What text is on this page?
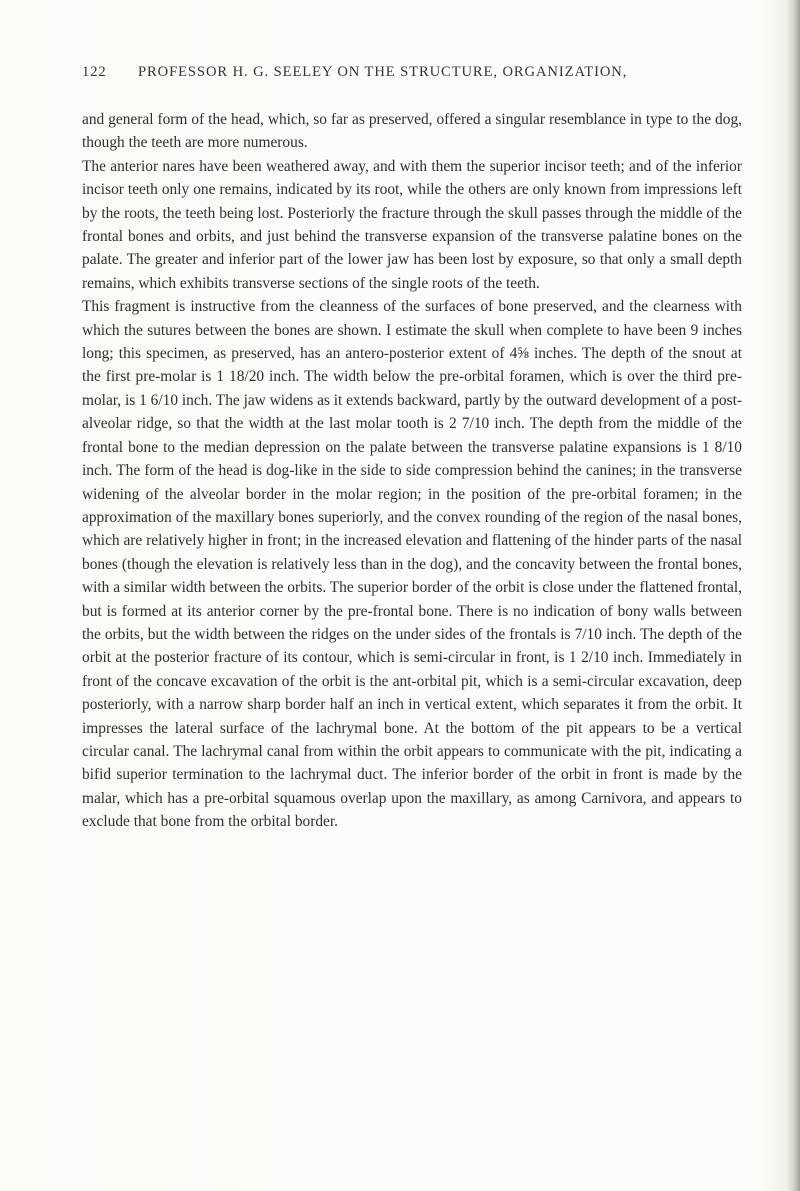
122 PROFESSOR H. G. SEELEY ON THE STRUCTURE, ORGANIZATION,

and general form of the head, which, so far as preserved, offered a singular resemblance in type to the dog, though the teeth are more numerous.

The anterior nares have been weathered away, and with them the superior incisor teeth; and of the inferior incisor teeth only one remains, indicated by its root, while the others are only known from impressions left by the roots, the teeth being lost. Posteriorly the fracture through the skull passes through the middle of the frontal bones and orbits, and just behind the transverse expansion of the transverse palatine bones on the palate. The greater and inferior part of the lower jaw has been lost by exposure, so that only a small depth remains, which exhibits transverse sections of the single roots of the teeth.

This fragment is instructive from the cleanness of the surfaces of bone preserved, and the clearness with which the sutures between the bones are shown. I estimate the skull when complete to have been 9 inches long; this specimen, as preserved, has an antero-posterior extent of 4⅝ inches. The depth of the snout at the first pre-molar is 1 18/20 inch. The width below the pre-orbital foramen, which is over the third pre-molar, is 1 6/10 inch. The jaw widens as it extends backward, partly by the outward development of a post-alveolar ridge, so that the width at the last molar tooth is 2 7/10 inch. The depth from the middle of the frontal bone to the median depression on the palate between the transverse palatine expansions is 1 8/10 inch. The form of the head is dog-like in the side to side compression behind the canines; in the transverse widening of the alveolar border in the molar region; in the position of the pre-orbital foramen; in the approximation of the maxillary bones superiorly, and the convex rounding of the region of the nasal bones, which are relatively higher in front; in the increased elevation and flattening of the hinder parts of the nasal bones (though the elevation is relatively less than in the dog), and the concavity between the frontal bones, with a similar width between the orbits. The superior border of the orbit is close under the flattened frontal, but is formed at its anterior corner by the pre-frontal bone. There is no indication of bony walls between the orbits, but the width between the ridges on the under sides of the frontals is 7/10 inch. The depth of the orbit at the posterior fracture of its contour, which is semi-circular in front, is 1 2/10 inch. Immediately in front of the concave excavation of the orbit is the ant-orbital pit, which is a semi-circular excavation, deep posteriorly, with a narrow sharp border half an inch in vertical extent, which separates it from the orbit. It impresses the lateral surface of the lachrymal bone. At the bottom of the pit appears to be a vertical circular canal. The lachrymal canal from within the orbit appears to communicate with the pit, indicating a bifid superior termination to the lachrymal duct. The inferior border of the orbit in front is made by the malar, which has a pre-orbital squamous overlap upon the maxillary, as among Carnivora, and appears to exclude that bone from the orbital border.
